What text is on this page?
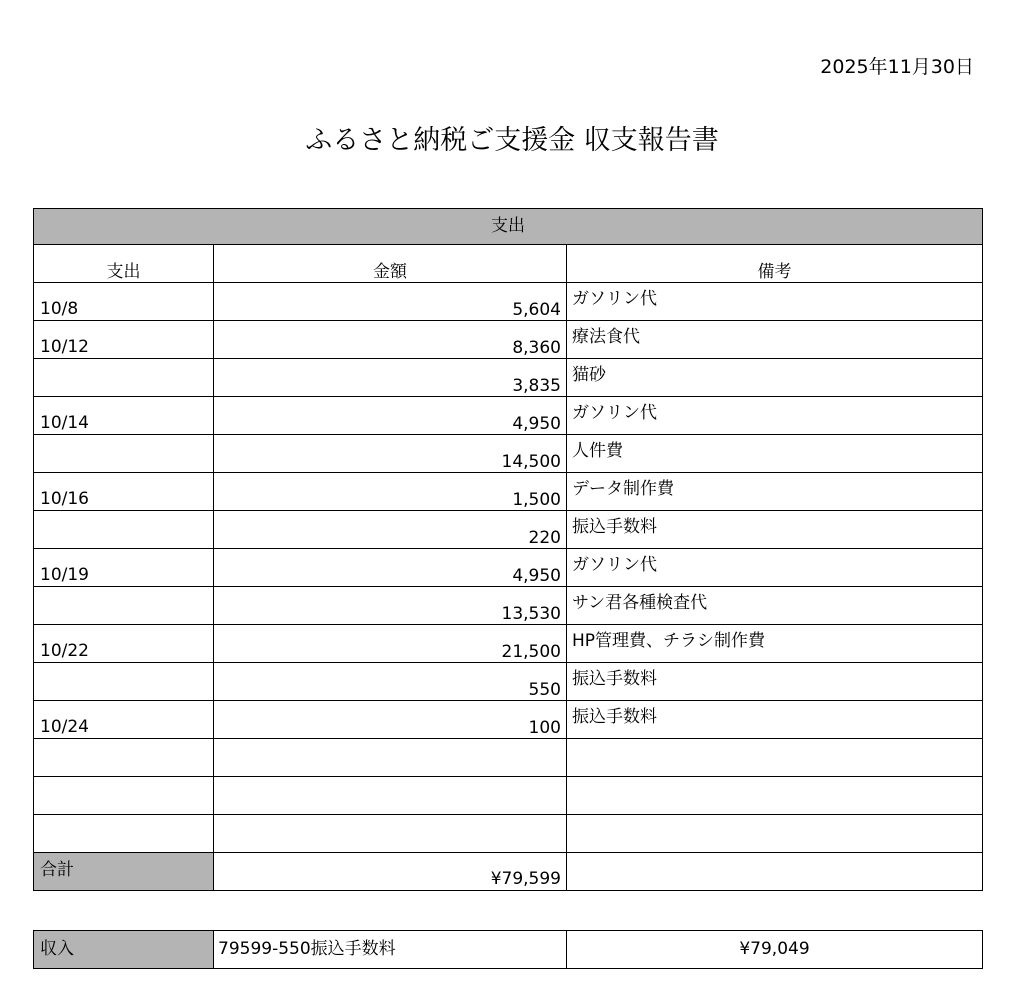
2025年11月30日
ふるさと納税ご支援金 収支報告書
支出		
支出	金額	備考
10/8	5,604	ガソリン代
10/12	8,360	療法食代
	3,835	猫砂
10/14	4,950	ガソリン代
	14,500	人件費
10/16	1,500	データ制作費
	220	振込手数料
10/19	4,950	ガソリン代
	13,530	サン君各種検査代
10/22	21,500	HP管理費、チラシ制作費
	550	振込手数料
10/24	100	振込手数料

合計	¥79,599	
収入	79599-550振込手数料	¥79,049
